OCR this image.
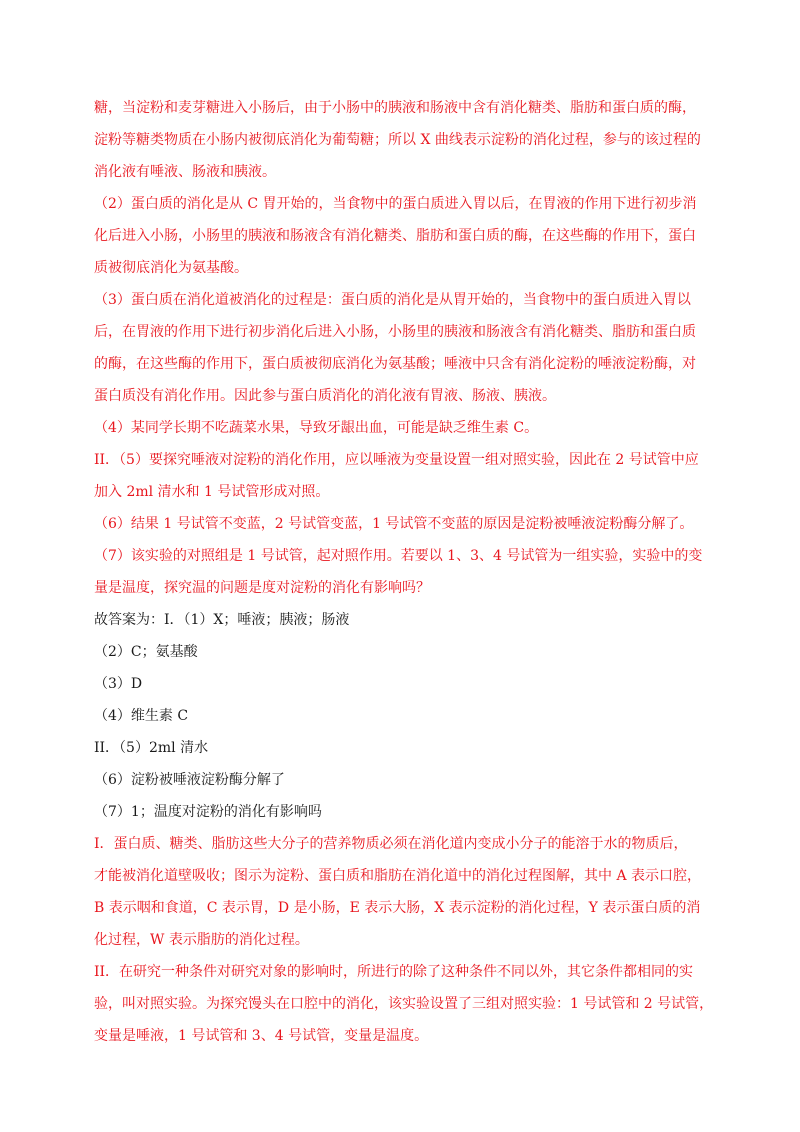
糖，当淀粉和麦芽糖进入小肠后，由于小肠中的胰液和肠液中含有消化糖类、脂肪和蛋白质的酶，
淀粉等糖类物质在小肠内被彻底消化为葡萄糖；所以 X 曲线表示淀粉的消化过程，参与的该过程的
消化液有唾液、肠液和胰液。
（2）蛋白质的消化是从 C 胃开始的，当食物中的蛋白质进入胃以后，在胃液的作用下进行初步消
化后进入小肠，小肠里的胰液和肠液含有消化糖类、脂肪和蛋白质的酶，在这些酶的作用下，蛋白
质被彻底消化为氨基酸。
（3）蛋白质在消化道被消化的过程是：蛋白质的消化是从胃开始的，当食物中的蛋白质进入胃以
后，在胃液的作用下进行初步消化后进入小肠，小肠里的胰液和肠液含有消化糖类、脂肪和蛋白质
的酶，在这些酶的作用下，蛋白质被彻底消化为氨基酸；唾液中只含有消化淀粉的唾液淀粉酶，对
蛋白质没有消化作用。因此参与蛋白质消化的消化液有胃液、肠液、胰液。
（4）某同学长期不吃蔬菜水果，导致牙龈出血，可能是缺乏维生素 C。
II．（5）要探究唾液对淀粉的消化作用，应以唾液为变量设置一组对照实验，因此在 2 号试管中应
加入 2ml 清水和 1 号试管形成对照。
（6）结果 1 号试管不变蓝，2 号试管变蓝，1 号试管不变蓝的原因是淀粉被唾液淀粉酶分解了。
（7）该实验的对照组是 1 号试管，起对照作用。若要以 1、3、4 号试管为一组实验，实验中的变
量是温度，探究温的问题是度对淀粉的消化有影响吗？
故答案为：Ⅰ．（1）X；唾液；胰液；肠液
（2）C；氨基酸
（3）D
（4）维生素 C
II．（5）2ml 清水
（6）淀粉被唾液淀粉酶分解了
（7）1；温度对淀粉的消化有影响吗
Ⅰ．蛋白质、糖类、脂肪这些大分子的营养物质必须在消化道内变成小分子的能溶于水的物质后，
才能被消化道壁吸收；图示为淀粉、蛋白质和脂肪在消化道中的消化过程图解，其中 A 表示口腔，
B 表示咽和食道，C 表示胃，D 是小肠，E 表示大肠，X 表示淀粉的消化过程，Y 表示蛋白质的消
化过程，W 表示脂肪的消化过程。
II．在研究一种条件对研究对象的影响时，所进行的除了这种条件不同以外，其它条件都相同的实
验，叫对照实验。为探究馒头在口腔中的消化，该实验设置了三组对照实验：1 号试管和 2 号试管，
变量是唾液，1 号试管和 3、4 号试管，变量是温度。
